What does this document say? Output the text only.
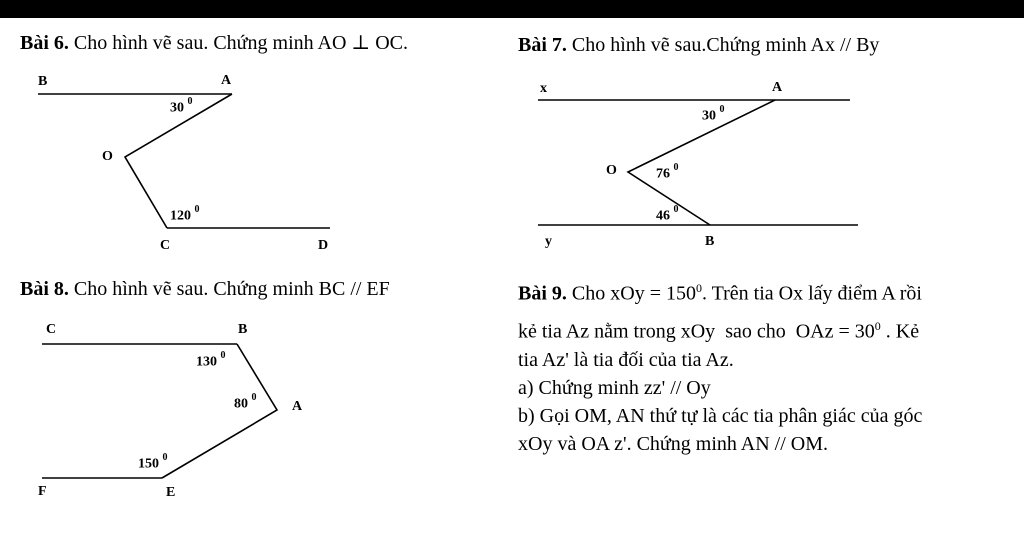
Bài 6. Cho hình vẽ sau. Chứng minh AO ⊥ OC.
B	A
O
C	D
30 $^0$
120 $^0$
Bài 7. Cho hình vẽ sau.Chứng minh Ax // By
x	A
O
y	B
30 $^0$
76 $^0$
46 $^0$
Bài 8. Cho hình vẽ sau. Chứng minh BC // EF
C	B
A
F	E
130 $^0$
80 $^0$
150 $^0$
Bài 9. Cho xOy = $150^0$. Trên tia Ox lấy điểm A rồi
kẻ tia Az nằm trong xOy sao cho OAz = $30^0$ . Kẻ
tia Az' là tia đối của tia Az.
a) Chứng minh zz' // Oy
b) Gọi OM, AN thứ tự là các tia phân giác của góc
xOy và OA z'. Chứng minh AN // OM.
